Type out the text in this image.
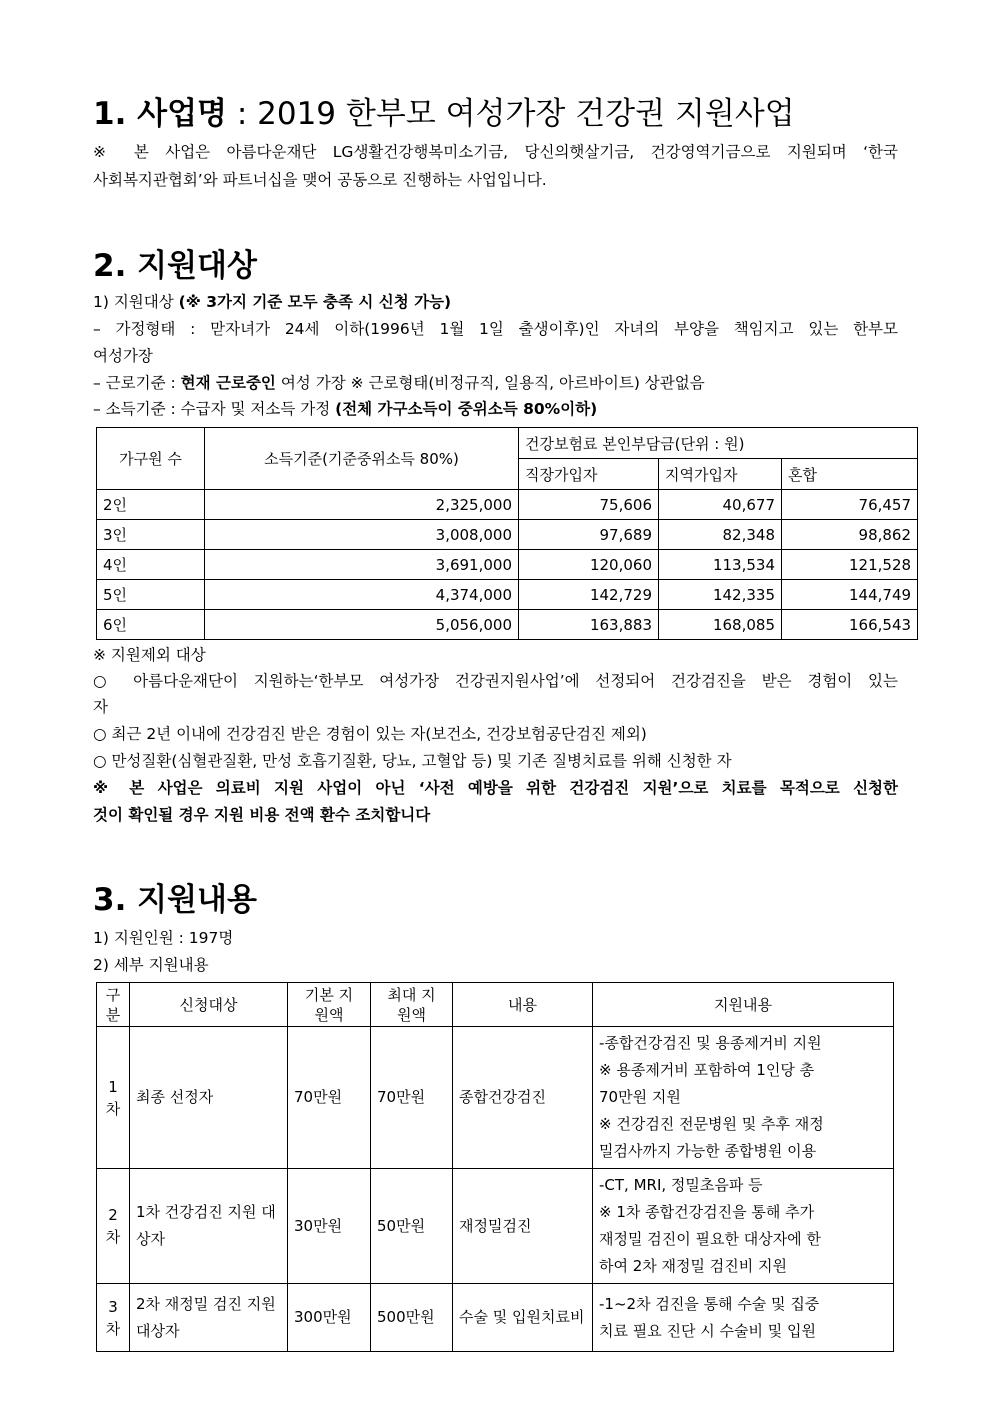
1. 사업명 : 2019 한부모 여성가장 건강권 지원사업
※ 본 사업은 아름다운재단 LG생활건강행복미소기금, 당신의햇살기금, 건강영역기금으로 지원되며 ‘한국
사회복지관협회’와 파트너십을 맺어 공동으로 진행하는 사업입니다.
2. 지원대상
1) 지원대상 (※ 3가지 기준 모두 충족 시 신청 가능)
– 가정형태 : 맏자녀가 24세 이하(1996년 1월 1일 출생이후)인 자녀의 부양을 책임지고 있는 한부모
여성가장
– 근로기준 : 현재 근로중인 여성 가장 ※ 근로형태(비정규직, 일용직, 아르바이트) 상관없음
– 소득기준 : 수급자 및 저소득 가정 (전체 가구소득이 중위소득 80%이하)
가구원 수	소득기준(기준중위소득 80%)	건강보험료 본인부담금(단위 : 원)		
		직장가입자	지역가입자	혼합
2인	2,325,000	75,606	40,677	76,457
3인	3,008,000	97,689	82,348	98,862
4인	3,691,000	120,060	113,534	121,528
5인	4,374,000	142,729	142,335	144,749
6인	5,056,000	163,883	168,085	166,543
※ 지원제외 대상
○ 아름다운재단이 지원하는‘한부모 여성가장 건강권지원사업’에 선정되어 건강검진을 받은 경험이 있는
자
○ 최근 2년 이내에 건강검진 받은 경험이 있는 자(보건소, 건강보험공단검진 제외)
○ 만성질환(심혈관질환, 만성 호흡기질환, 당뇨, 고혈압 등) 및 기존 질병치료를 위해 신청한 자
※ 본 사업은 의료비 지원 사업이 아닌 ‘사전 예방을 위한 건강검진 지원’으로 치료를 목적으로 신청한
것이 확인될 경우 지원 비용 전액 환수 조치합니다
3. 지원내용
1) 지원인원 : 197명
2) 세부 지원내용
구분	신청대상	기본 지원액	최대 지원액	내용	지원내용
1차	최종 선정자	70만원	70만원	종합건강검진	-종합건강검진 및 용종제거비 지원
※ 용종제거비 포함하여 1인당 총
70만원 지원
※ 건강검진 전문병원 및 추후 재정
밀검사까지 가능한 종합병원 이용

2차	1차 건강검진 지원 대상자	30만원	50만원	재정밀검진	-CT, MRI, 정밀초음파 등
※ 1차 종합건강검진을 통해 추가
재정밀 검진이 필요한 대상자에 한
하여 2차 재정밀 검진비 지원

3차	2차 재정밀 검진 지원 대상자	300만원	500만원	수술 및 입원치료비	-1~2차 검진을 통해 수술 및 집중
치료 필요 진단 시 수술비 및 입원
